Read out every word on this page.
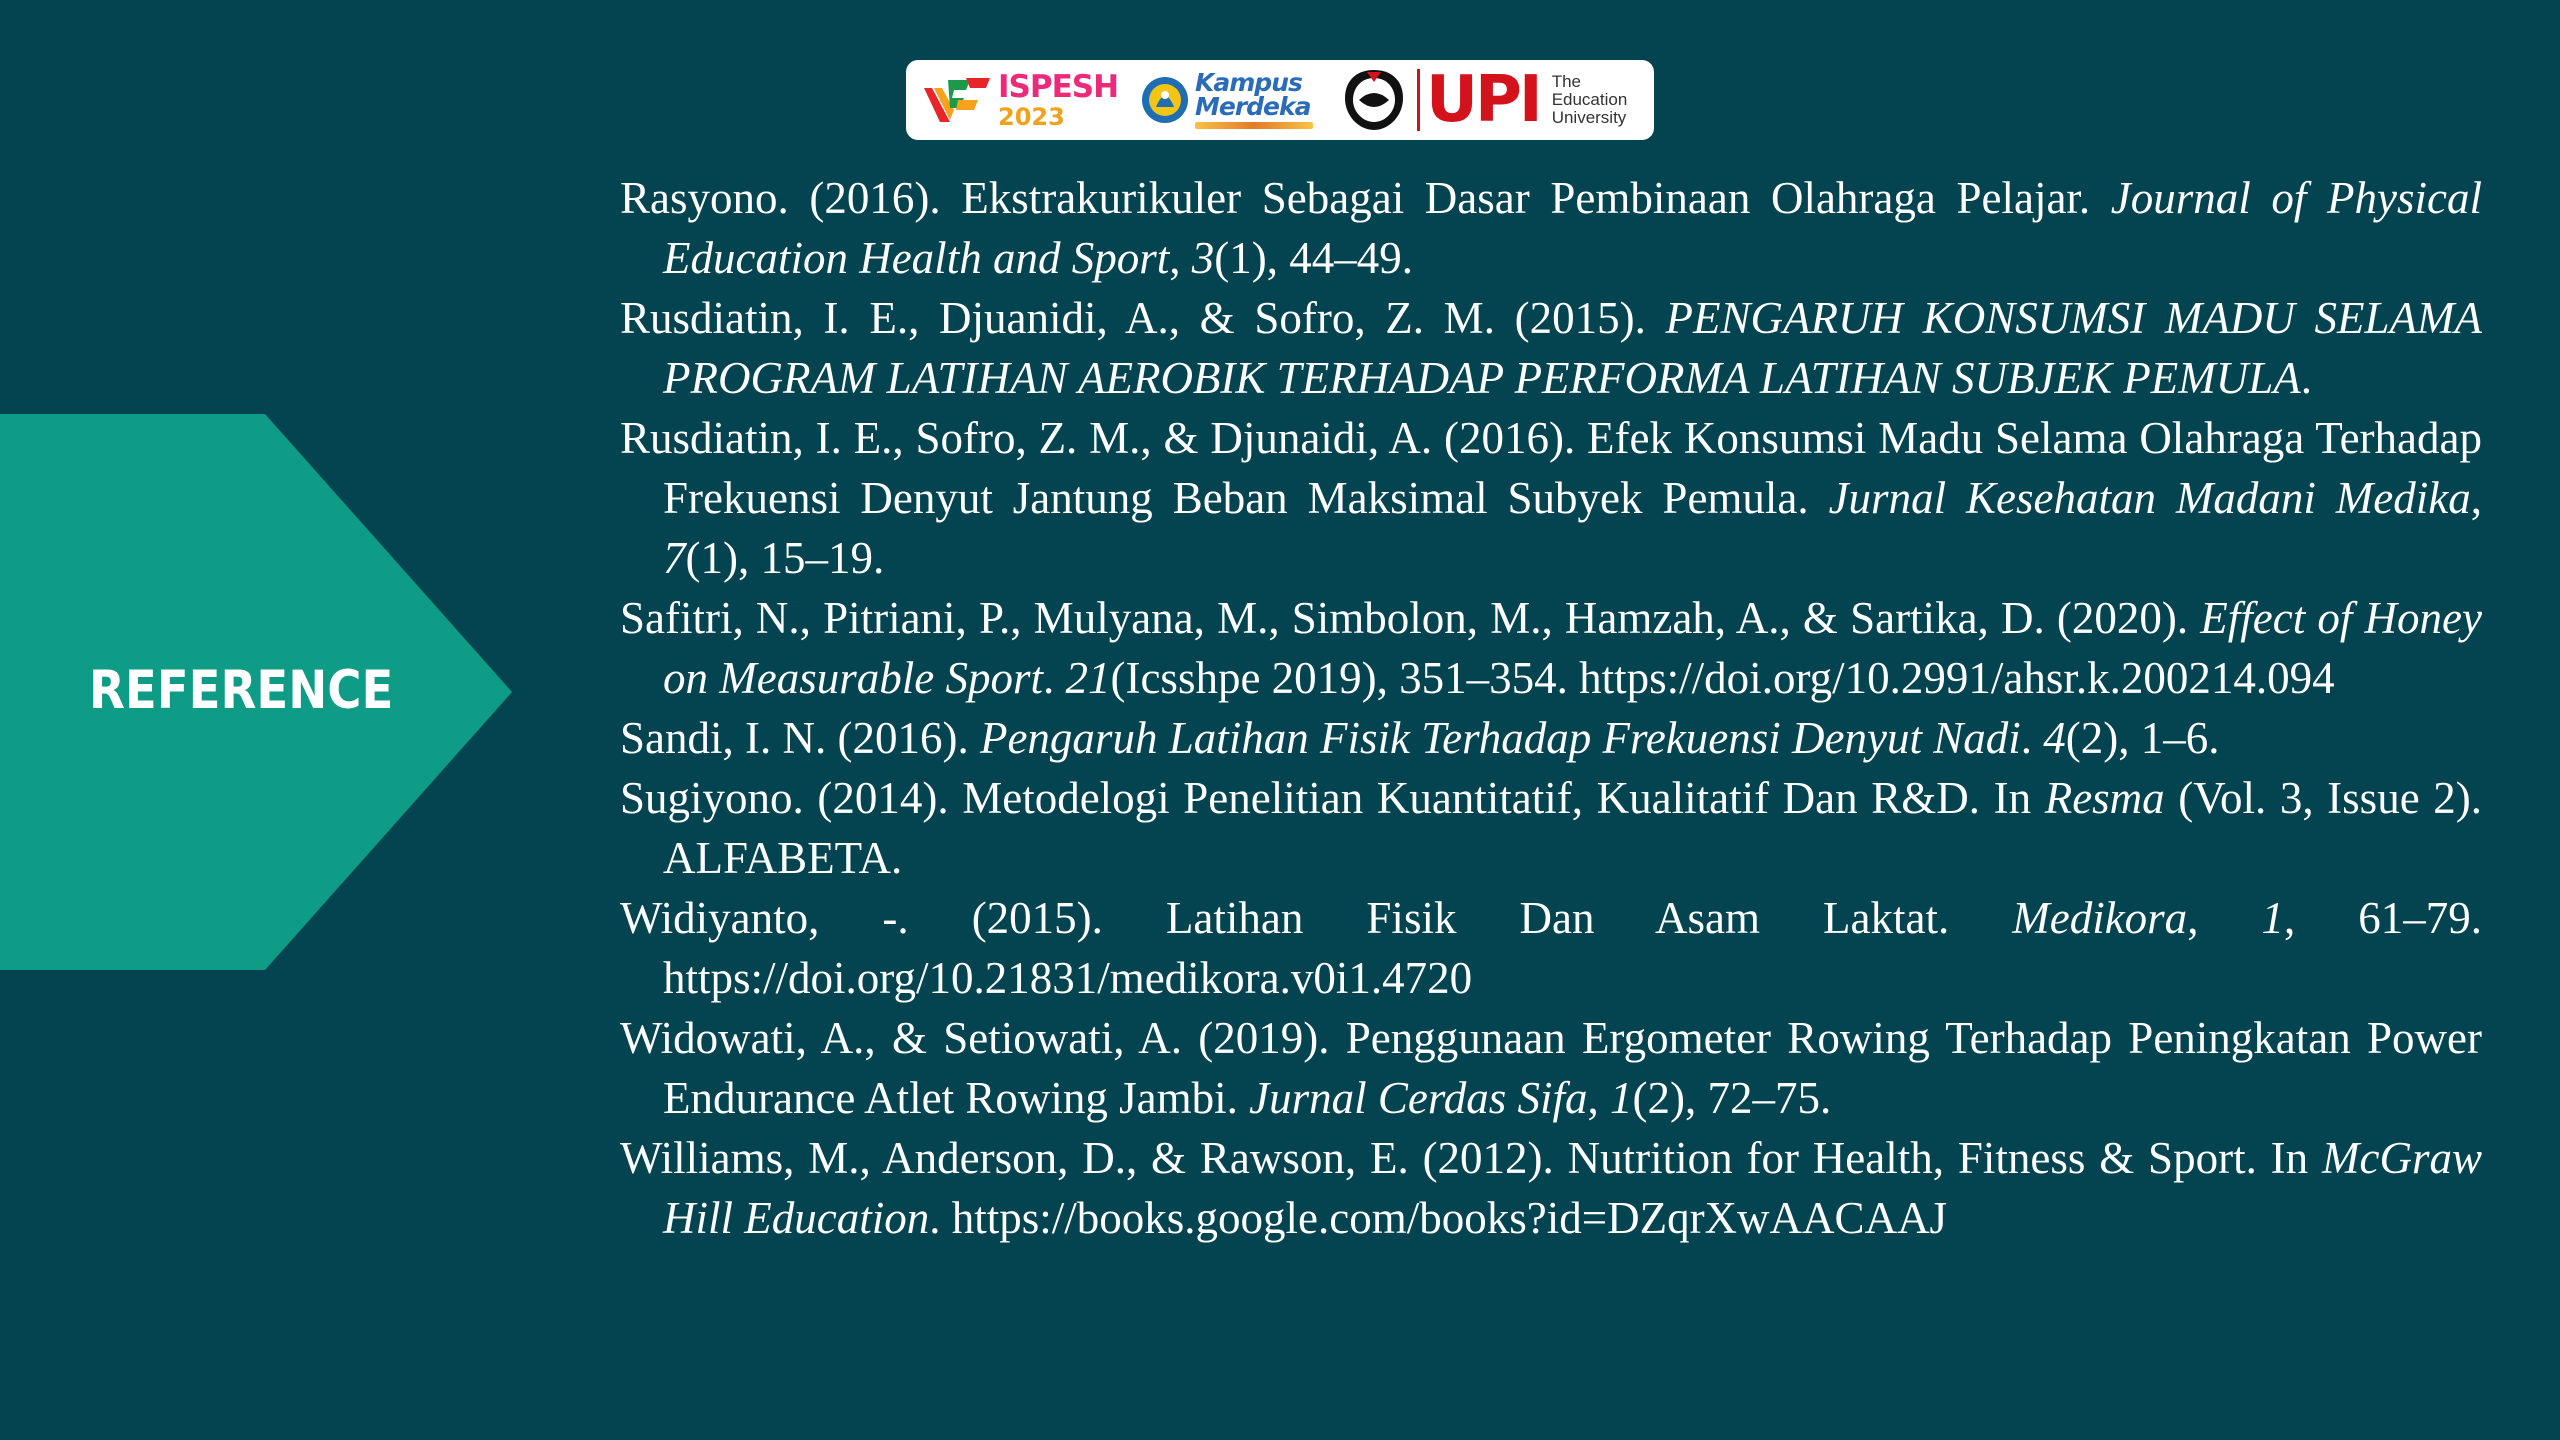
ISPESH
2023
Kampus
Merdeka UPI The
Education
University
REFERENCE
Rasyono. (2016). Ekstrakurikuler Sebagai Dasar Pembinaan Olahraga Pelajar. Journal of Physical Education Health and Sport, 3(1), 44–49.
Rusdiatin, I. E., Djuanidi, A., & Sofro, Z. M. (2015). PENGARUH KONSUMSI MADU SELAMA PROGRAM LATIHAN AEROBIK TERHADAP PERFORMA LATIHAN SUBJEK PEMULA.
Rusdiatin, I. E., Sofro, Z. M., & Djunaidi, A. (2016). Efek Konsumsi Madu Selama Olahraga Terhadap Frekuensi Denyut Jantung Beban Maksimal Subyek Pemula. Jurnal Kesehatan Madani Medika, 7(1), 15–19.
Safitri, N., Pitriani, P., Mulyana, M., Simbolon, M., Hamzah, A., & Sartika, D. (2020). Effect of Honey on Measurable Sport. 21(Icsshpe 2019), 351–354. https://doi.org/10.2991/ahsr.k.200214.094
Sandi, I. N. (2016). Pengaruh Latihan Fisik Terhadap Frekuensi Denyut Nadi. 4(2), 1–6.
Sugiyono. (2014). Metodelogi Penelitian Kuantitatif, Kualitatif Dan R&D. In Resma (Vol. 3, Issue 2). ALFABETA.
Widiyanto, -. (2015). Latihan Fisik Dan Asam Laktat. Medikora, 1, 61–79. https://doi.org/10.21831/medikora.v0i1.4720
Widowati, A., & Setiowati, A. (2019). Penggunaan Ergometer Rowing Terhadap Peningkatan Power Endurance Atlet Rowing Jambi. Jurnal Cerdas Sifa, 1(2), 72–75.
Williams, M., Anderson, D., & Rawson, E. (2012). Nutrition for Health, Fitness & Sport. In McGraw Hill Education. https://books.google.com/books?id=DZqrXwAACAAJ
